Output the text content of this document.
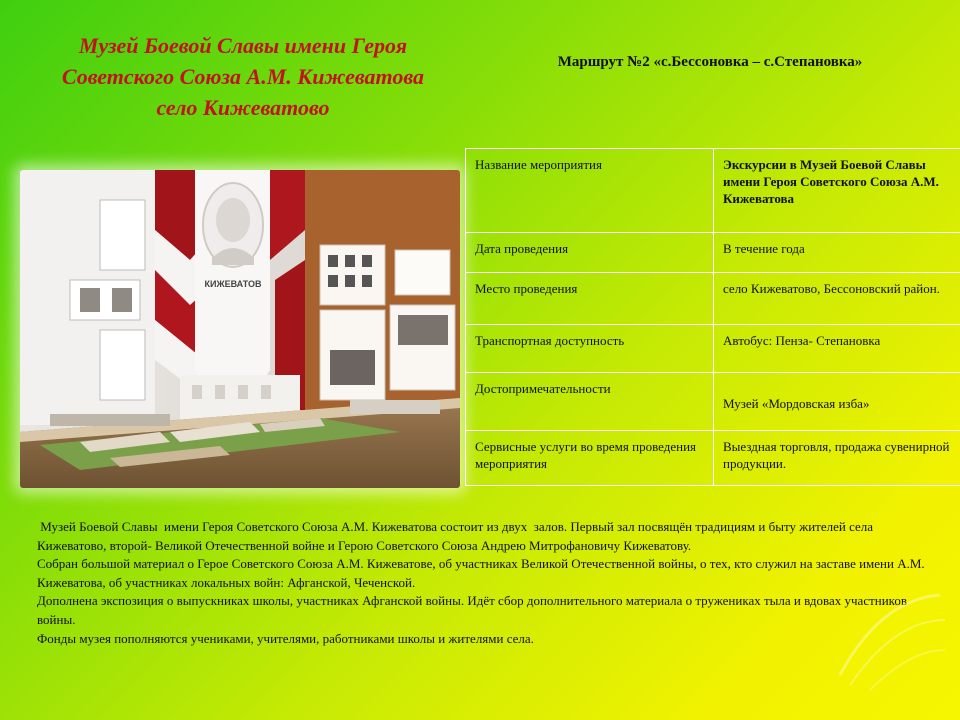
Музей Боевой Славы имени Героя
Советского Союза А.М. Кижеватова
село Кижеватово
Маршрут №2 «с.Бессоновка – с.Степановка»
КИЖЕВАТОВ
Название мероприятия	Экскурсии в Музей Боевой Славы имени Героя Советского Союза А.М. Кижеватова
Дата проведения	В течение года
Место проведения	село Кижеватово, Бессоновский район.
Транспортная доступность	Автобус: Пенза- Степановка
Достопримечательности	Музей «Мордовская изба»
Сервисные услуги во время проведения мероприятия	Выездная торговля, продажа сувенирной продукции.

Музей Боевой Славы  имени Героя Советского Союза А.М. Кижеватова состоит из двух  залов. Первый зал посвящён традициям и быту жителей села Кижеватово, второй- Великой Отечественной войне и Герою Советского Союза Андрею Митрофановичу Кижеватову.

Собран большой материал о Герое Советского Союза А.М. Кижеватове, об участниках Великой Отечественной войны, о тех, кто служил на заставе имени А.М. Кижеватова, об участниках локальных войн: Афганской, Чеченской.

Дополнена экспозиция о выпускниках школы, участниках Афганской войны. Идёт сбор дополнительного материала о тружениках тыла и вдовах участников войны.

Фонды музея пополняются учениками, учителями, работниками школы и жителями села.
